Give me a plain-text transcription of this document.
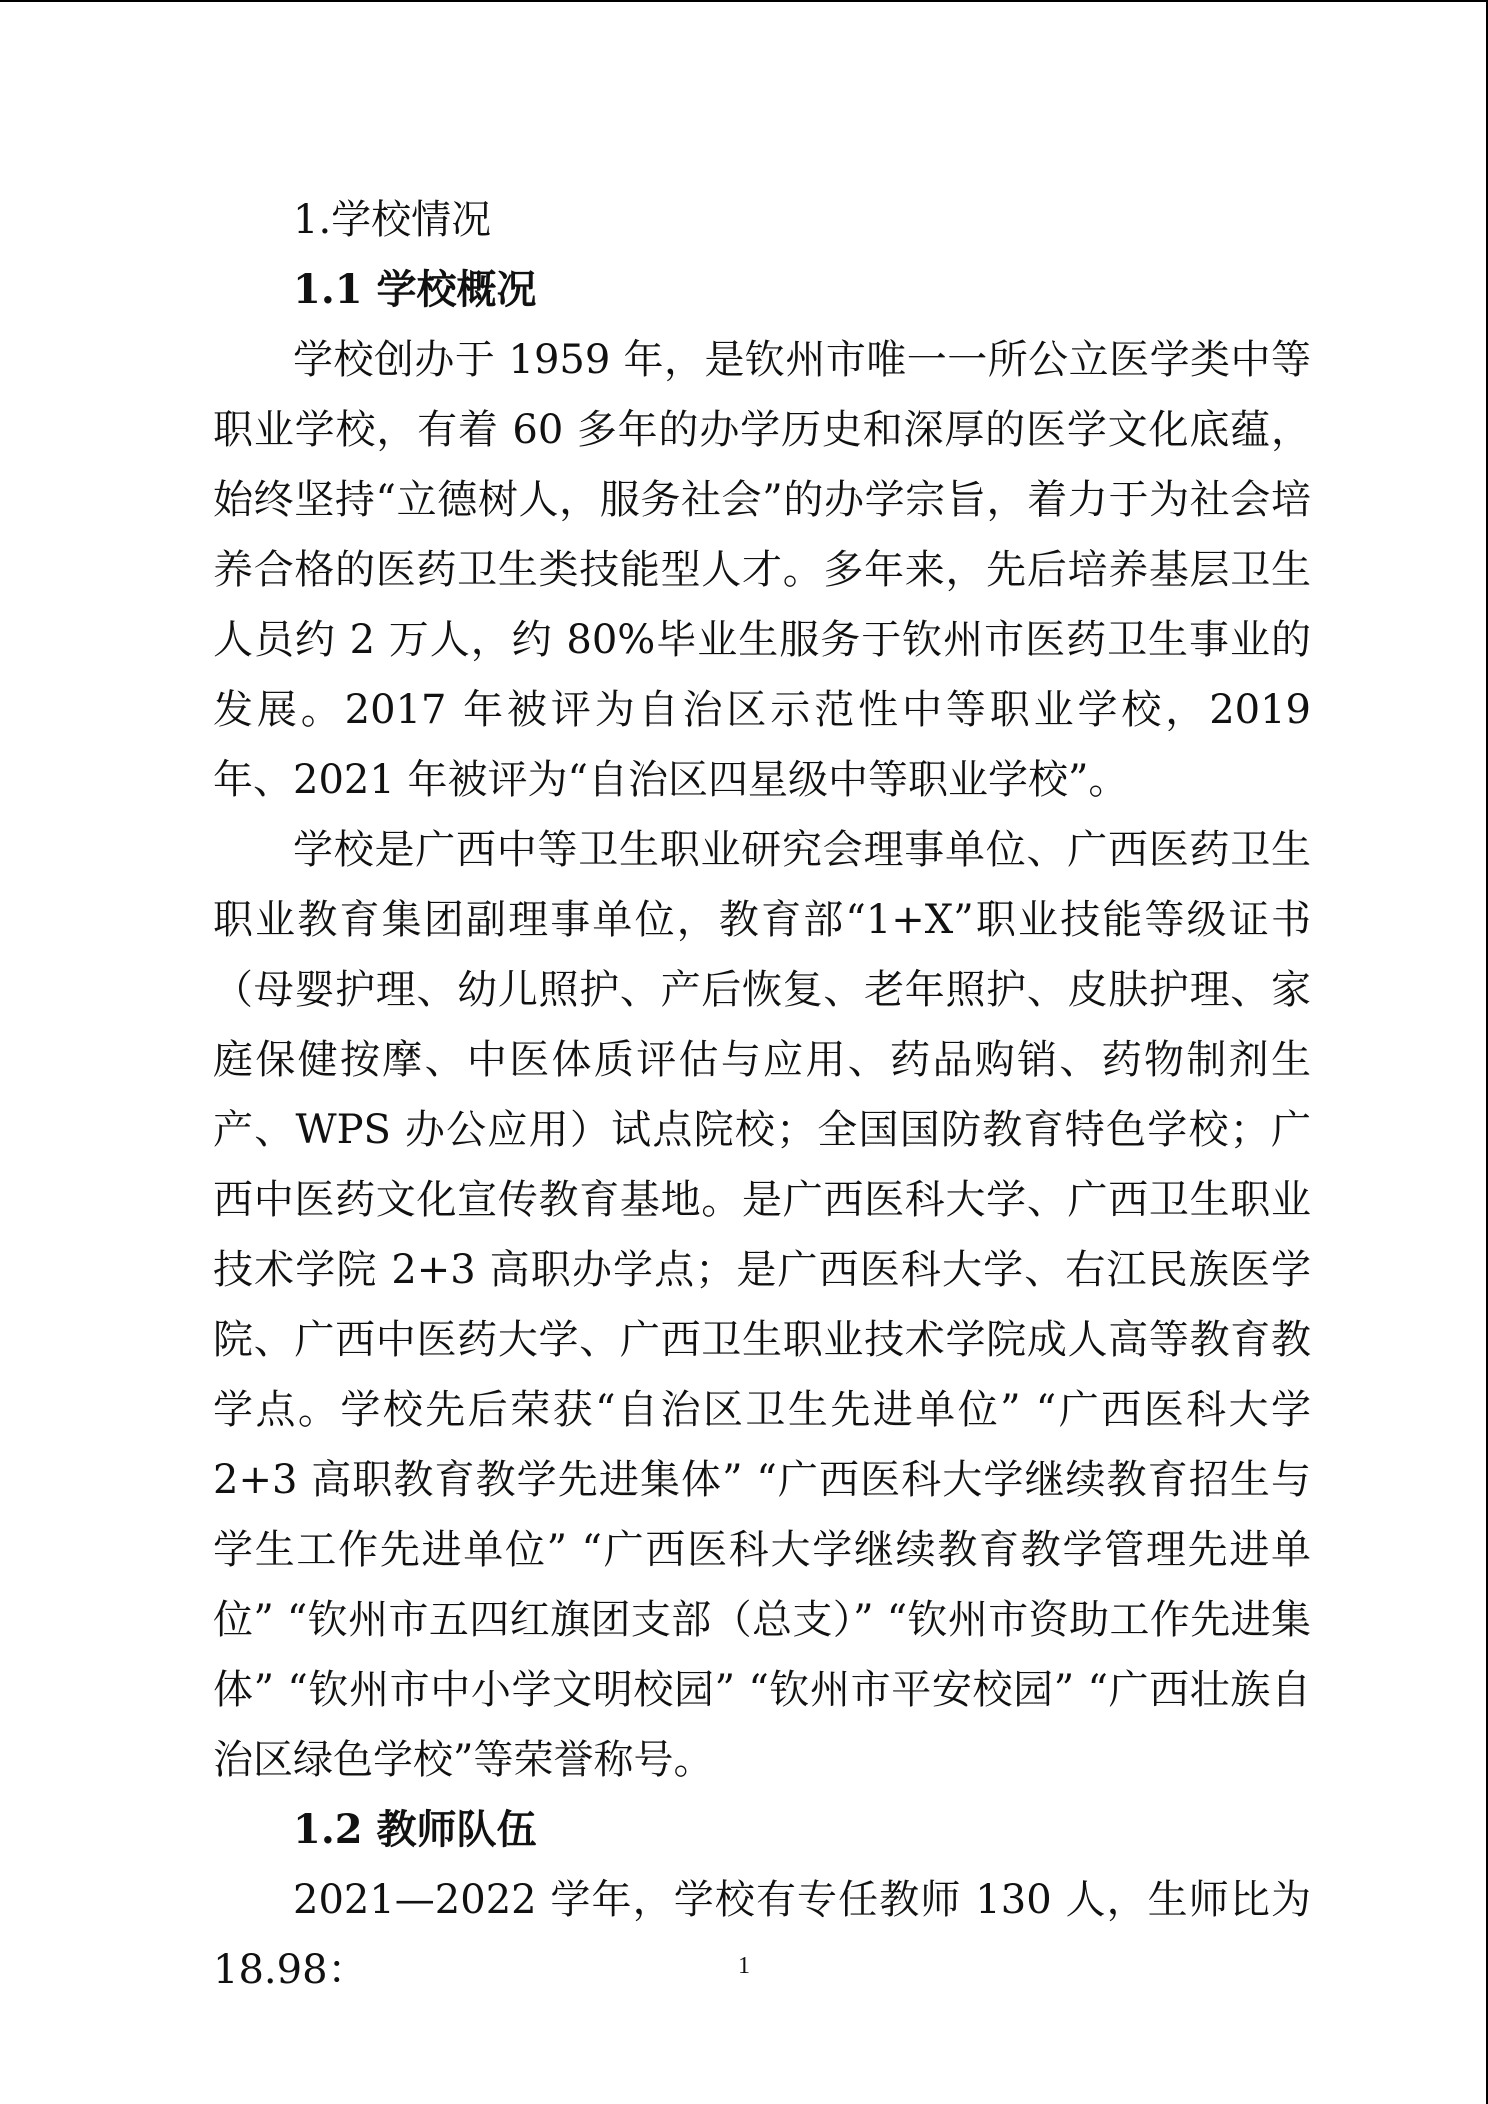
1.学校情况

1.1 学校概况

学校创办于 1959 年，是钦州市唯一一所公立医学类中等职业学校，有着 60 多年的办学历史和深厚的医学文化底蕴，始终坚持“立德树人，服务社会”的办学宗旨，着力于为社会培养合格的医药卫生类技能型人才。多年来，先后培养基层卫生人员约 2 万人，约 80%毕业生服务于钦州市医药卫生事业的发展。2017 年被评为自治区示范性中等职业学校，2019 年、2021 年被评为“自治区四星级中等职业学校”。

学校是广西中等卫生职业研究会理事单位、广西医药卫生职业教育集团副理事单位，教育部“1+X”职业技能等级证书（母婴护理、幼儿照护、产后恢复、老年照护、皮肤护理、家庭保健按摩、中医体质评估与应用、药品购销、药物制剂生产、WPS 办公应用）试点院校；全国国防教育特色学校；广西中医药文化宣传教育基地。是广西医科大学、广西卫生职业技术学院 2+3 高职办学点；是广西医科大学、右江民族医学院、广西中医药大学、广西卫生职业技术学院成人高等教育教学点。学校先后荣获“自治区卫生先进单位” “广西医科大学 2+3 高职教育教学先进集体” “广西医科大学继续教育招生与学生工作先进单位” “广西医科大学继续教育教学管理先进单位” “钦州市五四红旗团支部（总支）” “钦州市资助工作先进集体” “钦州市中小学文明校园” “钦州市平安校园” “广西壮族自治区绿色学校”等荣誉称号。

1.2 教师队伍

2021—2022 学年，学校有专任教师 130 人，生师比为 18.98：	1
